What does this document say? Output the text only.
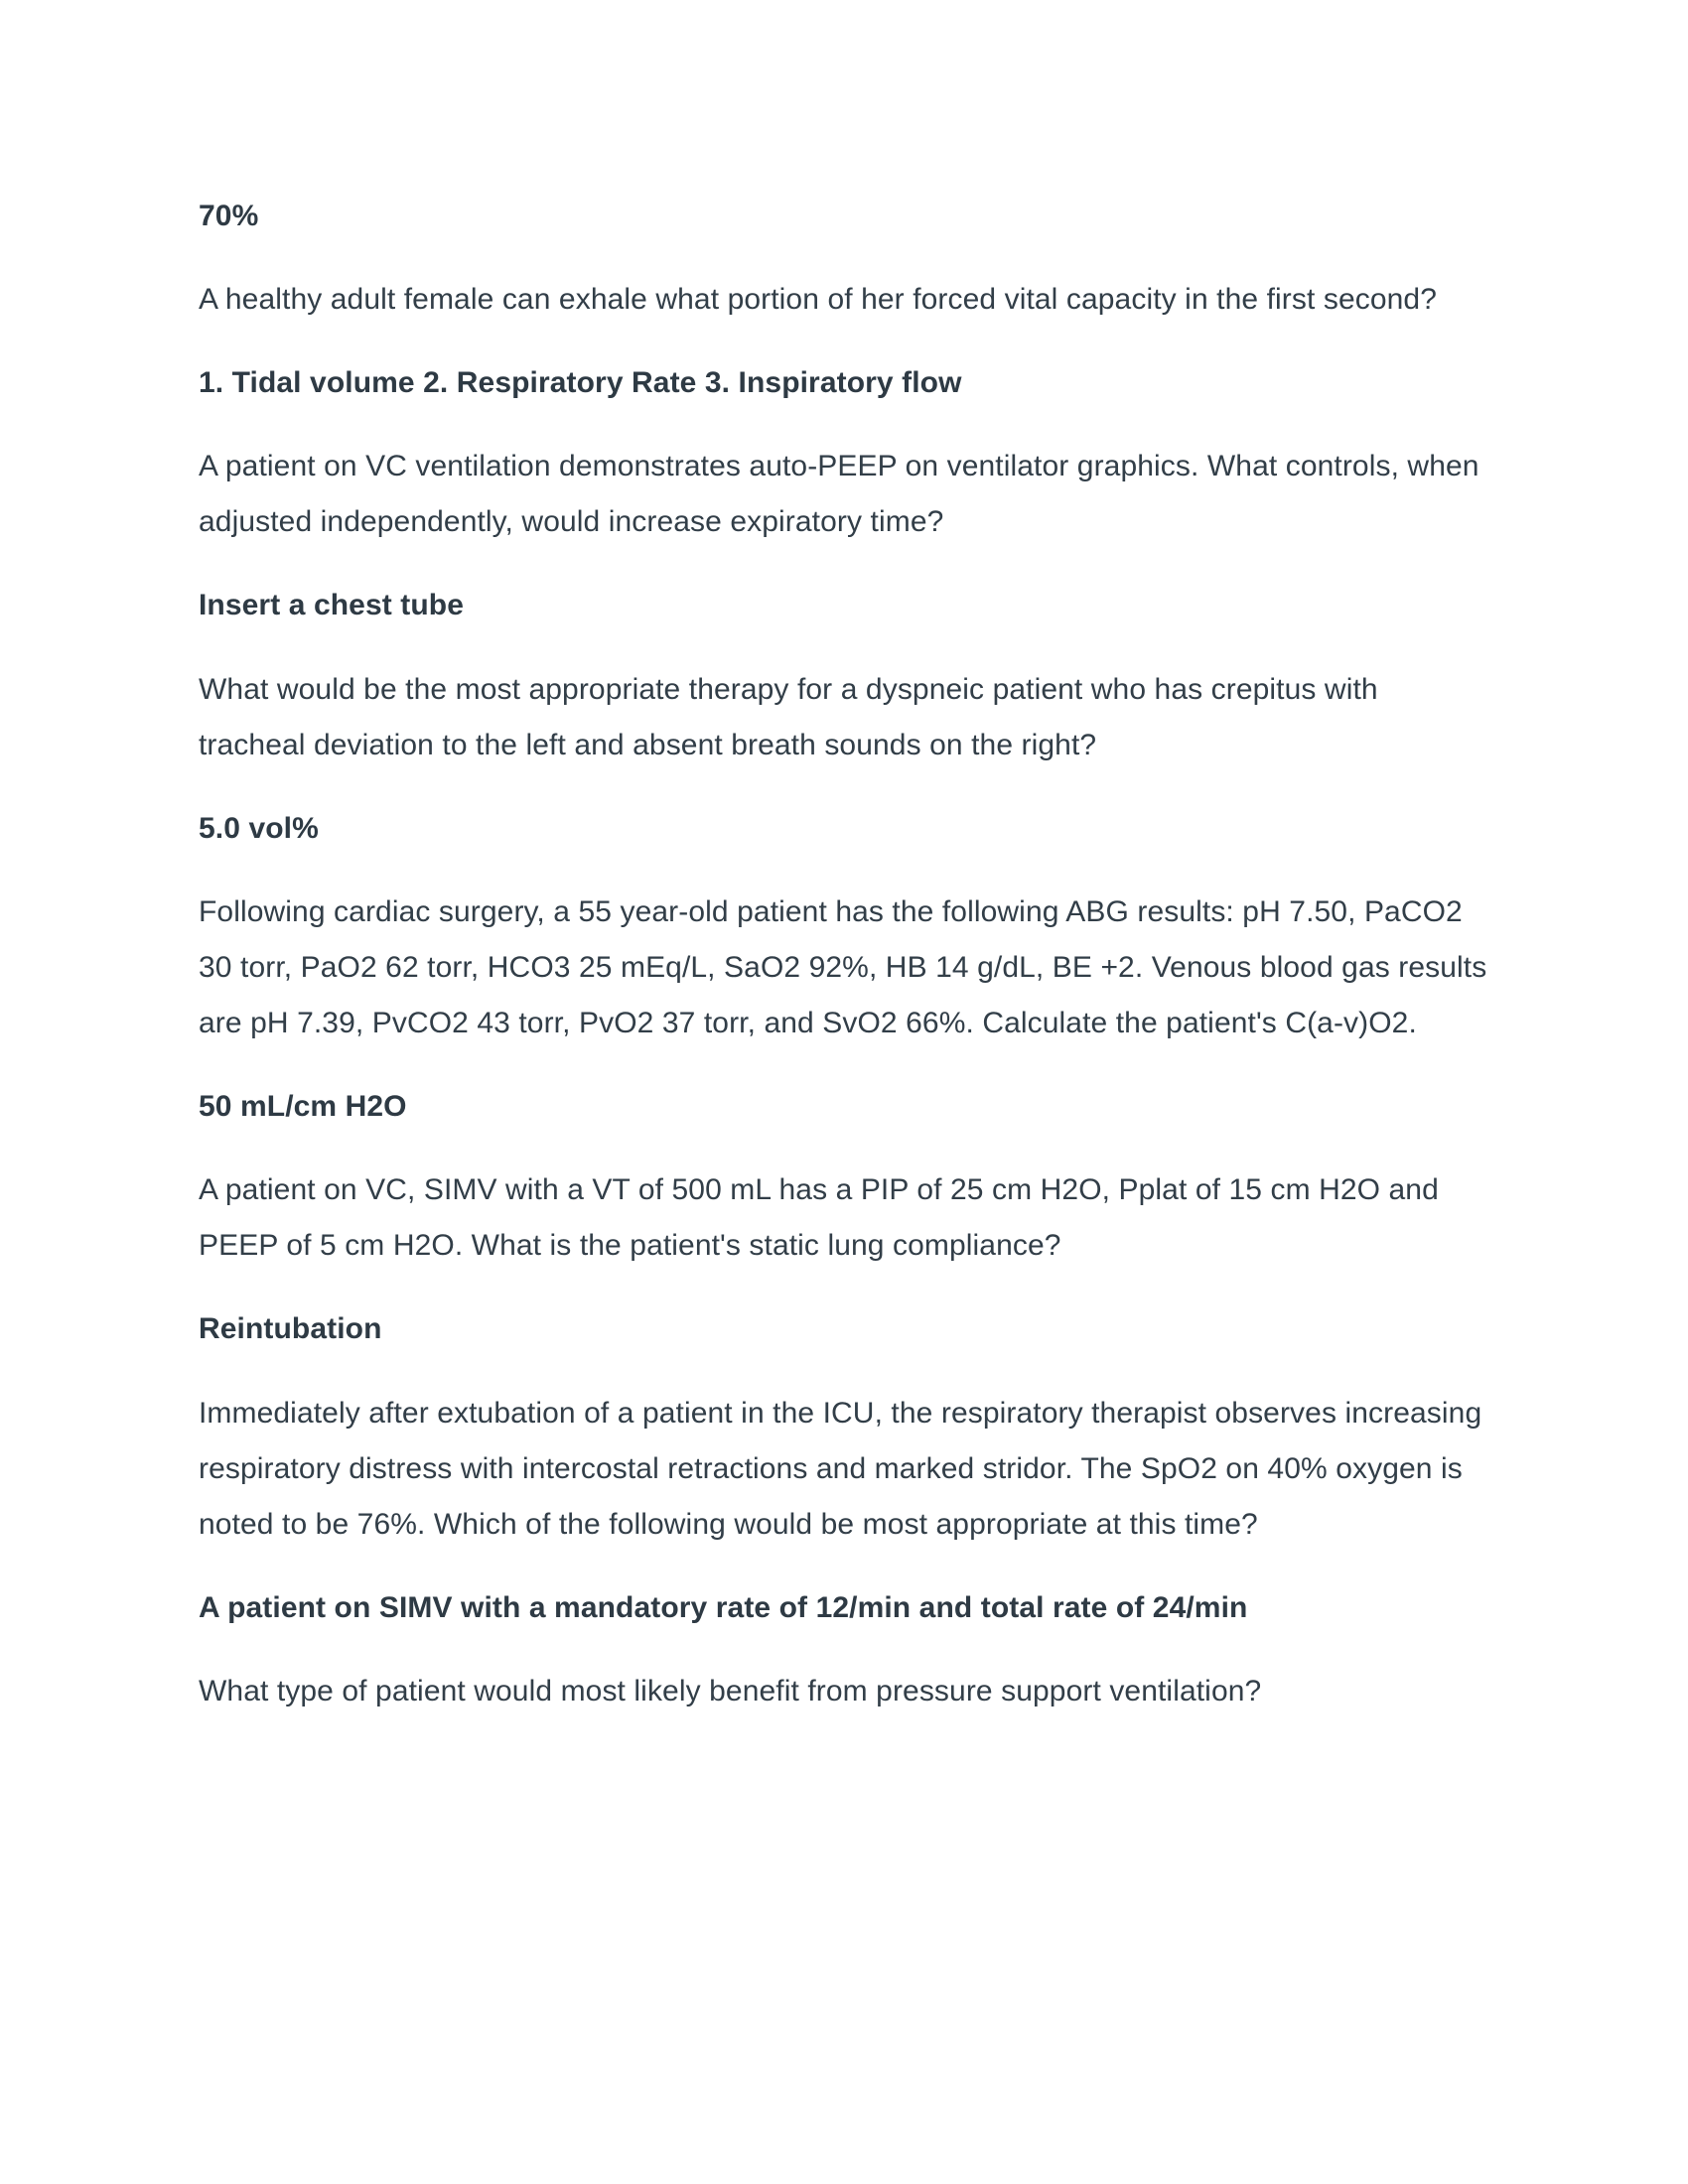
70%

A healthy adult female can exhale what portion of her forced vital capacity in the first second?

1. Tidal volume 2. Respiratory Rate 3. Inspiratory flow

A patient on VC ventilation demonstrates auto-PEEP on ventilator graphics. What controls, when adjusted independently, would increase expiratory time?

Insert a chest tube

What would be the most appropriate therapy for a dyspneic patient who has crepitus with tracheal deviation to the left and absent breath sounds on the right?

5.0 vol%

Following cardiac surgery, a 55 year-old patient has the following ABG results: pH 7.50, PaCO2 30 torr, PaO2 62 torr, HCO3 25 mEq/L, SaO2 92%, HB 14 g/dL, BE +2. Venous blood gas results are pH 7.39, PvCO2 43 torr, PvO2 37 torr, and SvO2 66%. Calculate the patient's C(a-v)O2.

50 mL/cm H2O

A patient on VC, SIMV with a VT of 500 mL has a PIP of 25 cm H2O, Pplat of 15 cm H2O and PEEP of 5 cm H2O. What is the patient's static lung compliance?

Reintubation

Immediately after extubation of a patient in the ICU, the respiratory therapist observes increasing respiratory distress with intercostal retractions and marked stridor. The SpO2 on 40% oxygen is noted to be 76%. Which of the following would be most appropriate at this time?

A patient on SIMV with a mandatory rate of 12/min and total rate of 24/min

What type of patient would most likely benefit from pressure support ventilation?
